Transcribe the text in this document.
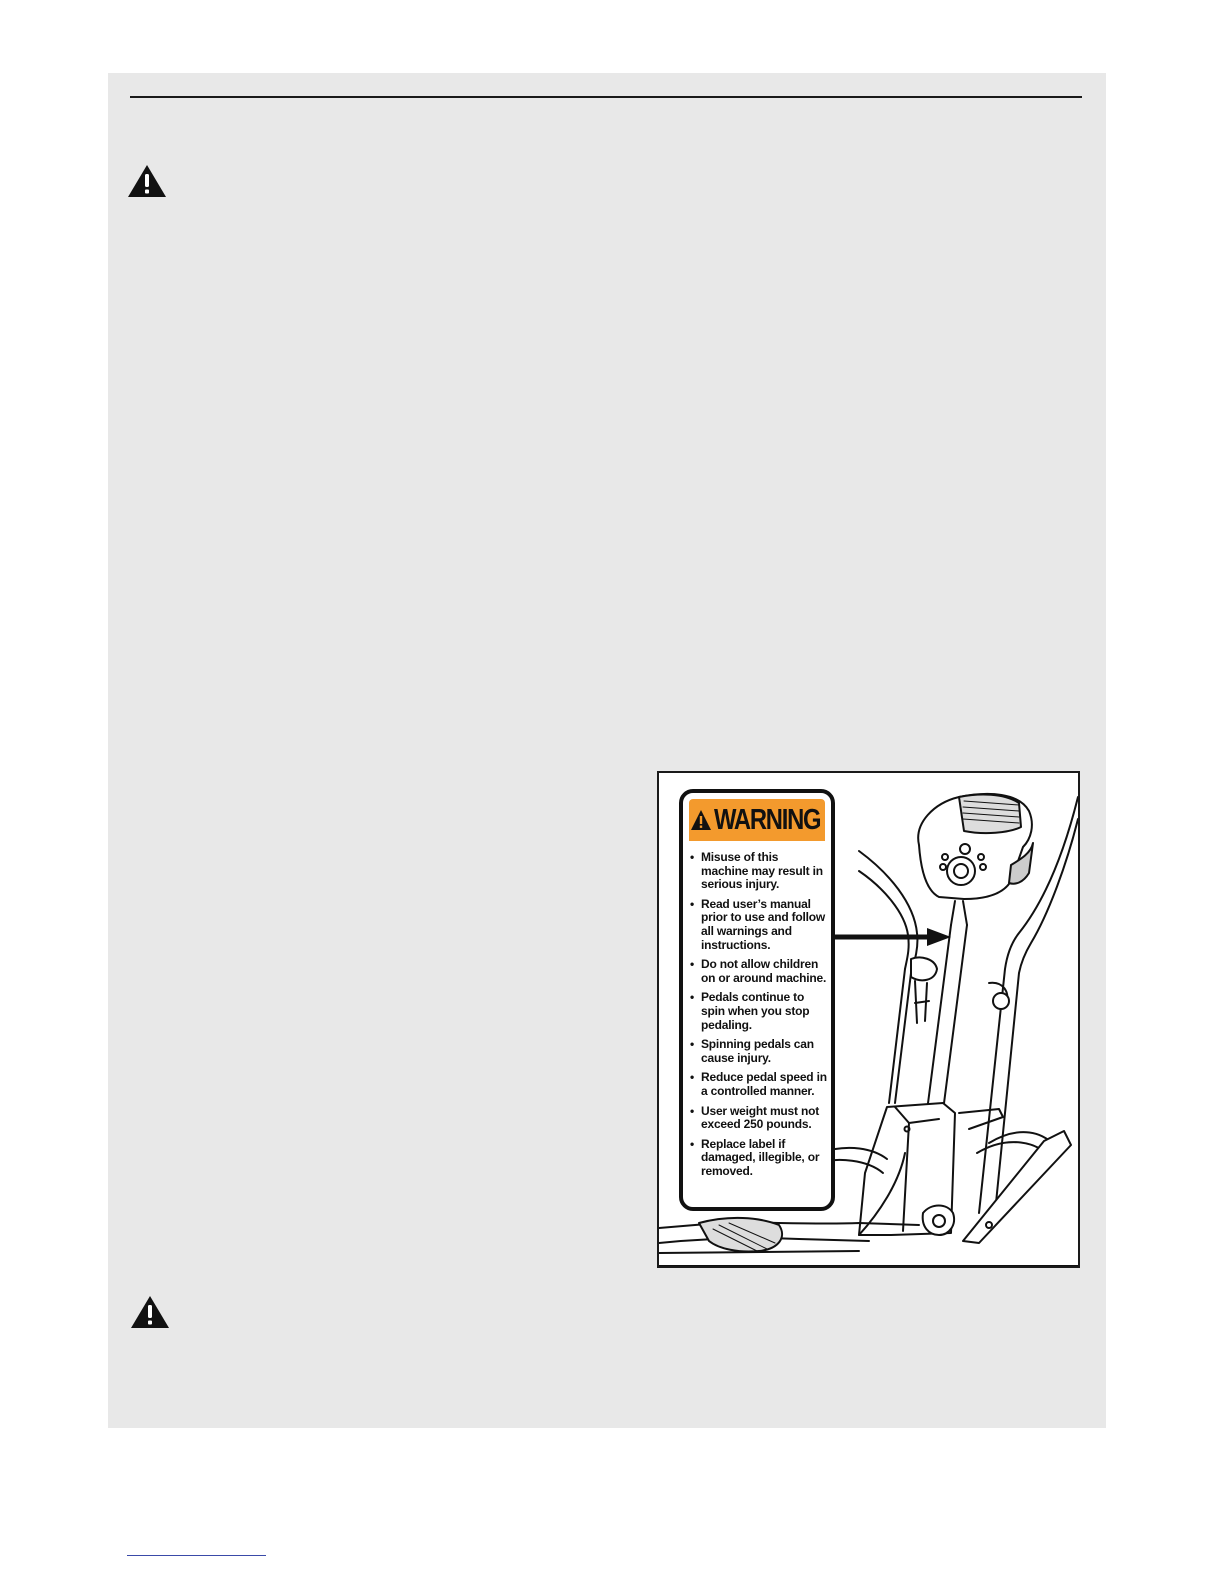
WARNING
• Misuse of this machine may result in serious injury.
• Read user’s manual prior to use and follow all warnings and instructions.
• Do not allow children on or around machine.
• Pedals continue to spin when you stop pedaling.
• Spinning pedals can cause injury.
• Reduce pedal speed in a controlled manner.
• User weight must not exceed 250 pounds.
• Replace label if damaged, illegible, or removed.
